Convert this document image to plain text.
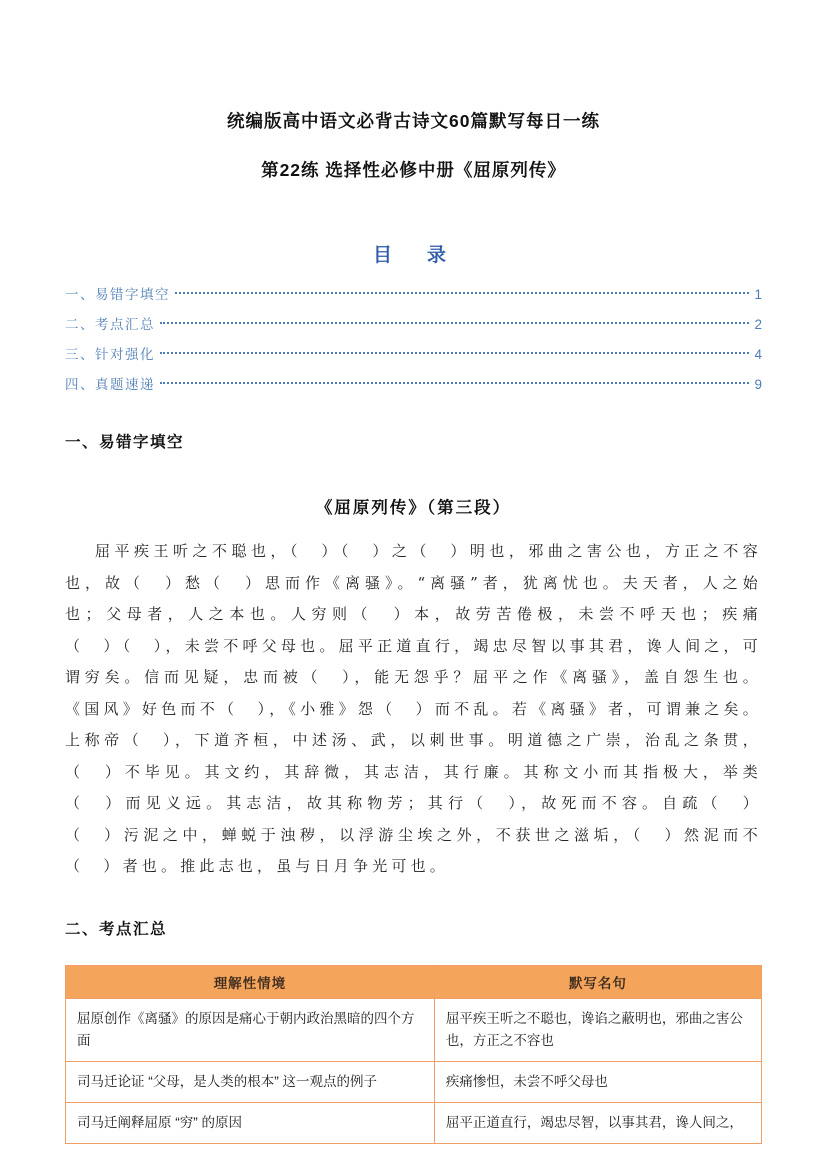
统编版高中语文必背古诗文60篇默写每日一练
第22练 选择性必修中册《屈原列传》
目　录
一、易错字填空	1
二、考点汇总	2
三、针对强化	4
四、真题速递	9
一、易错字填空
《屈原列传》（第三段）

屈平疾王听之不聪也，（　）（　）之（　）明也，邪曲之害公也，方正之不容也，故（　）愁（　）思而作《离骚》。“离骚”者，犹离忧也。夫天者，人之始也；父母者，人之本也。人穷则（　）本，故劳苦倦极，未尝不呼天也；疾痛（　）（　），未尝不呼父母也。屈平正道直行，竭忠尽智以事其君，谗人间之，可谓穷矣。信而见疑，忠而被（　），能无怨乎？屈平之作《离骚》，盖自怨生也。《国风》好色而不（　），《小雅》怨（　）而不乱。若《离骚》者，可谓兼之矣。上称帝（　），下道齐桓，中述汤、武，以刺世事。明道德之广崇，治乱之条贯，（　）不毕见。其文约，其辞微，其志洁，其行廉。其称文小而其指极大，举类（　）而见义远。其志洁，故其称物芳；其行（　），故死而不容。自疏（　）（　）污泥之中，蝉蜕于浊秽，以浮游尘埃之外，不获世之滋垢，（　）然泥而不（　）者也。推此志也，虽与日月争光可也。

二、考点汇总
理解性情境	默写名句
屈原创作《离骚》的原因是痛心于朝内政治黑暗的四个方面	屈平疾王听之不聪也，谗谄之蔽明也，邪曲之害公也，方正之不容也
司马迁论证 “父母，是人类的根本” 这一观点的例子	疾痛惨怛，未尝不呼父母也
司马迁阐释屈原 “穷” 的原因	屈平正道直行，竭忠尽智，以事其君，谗人间之，
